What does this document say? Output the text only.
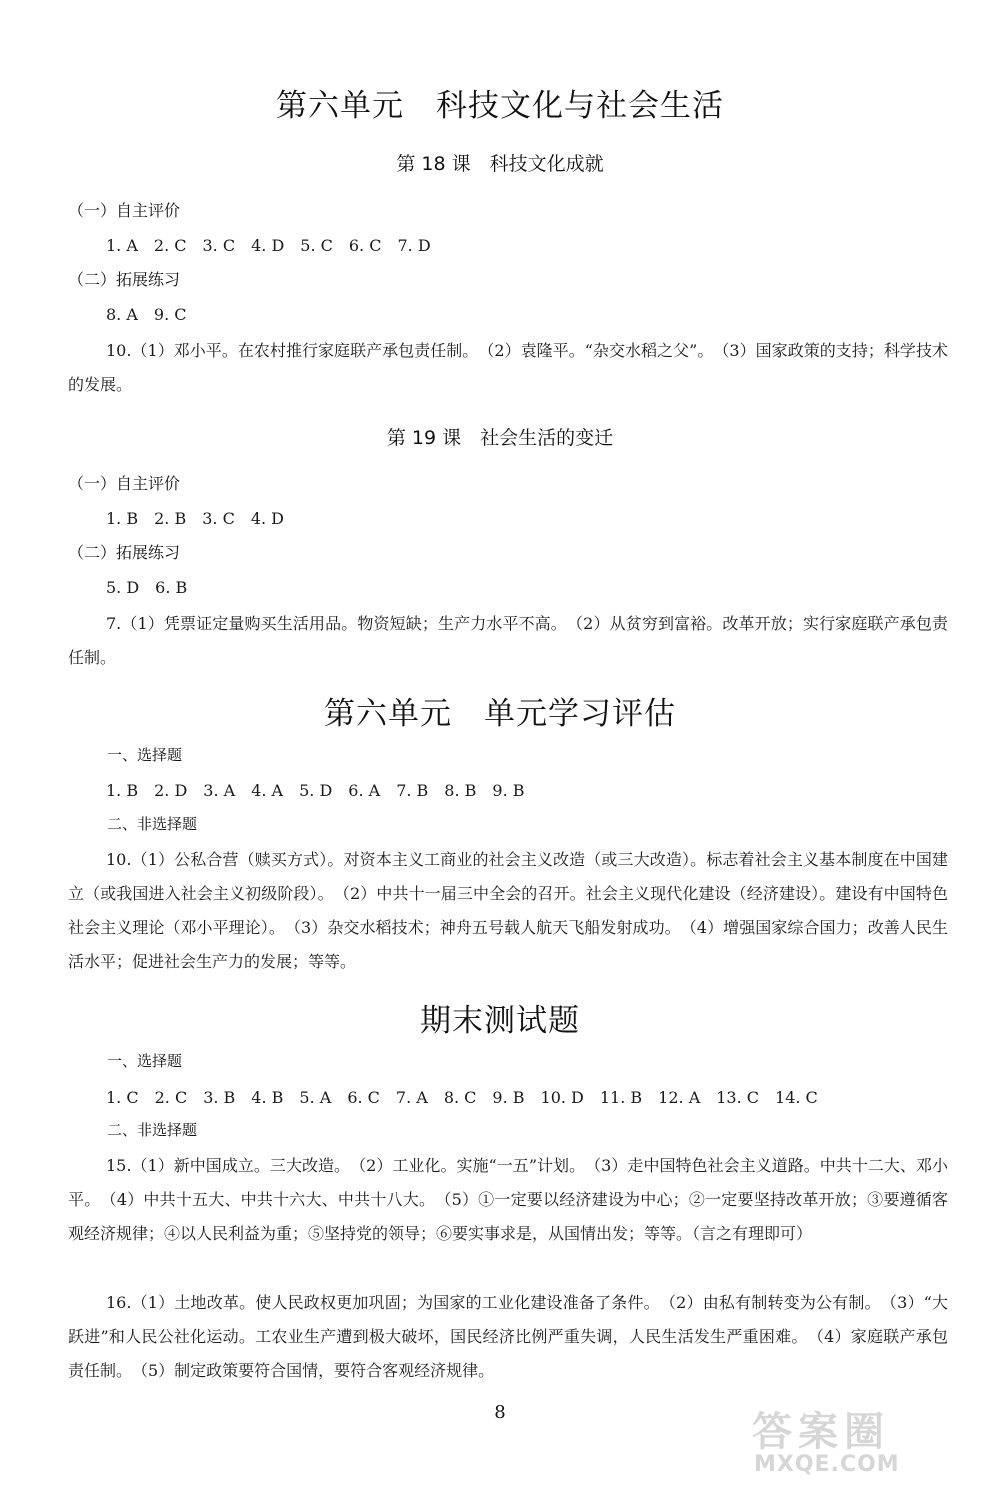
第六单元　科技文化与社会生活
第 18 课　科技文化成就
（一）自主评价
1. A　2. C　3. C　4. D　5. C　6. C　7. D
（二）拓展练习
8. A　9. C
10.（1）邓小平。在农村推行家庭联产承包责任制。　（2）袁隆平。“杂交水稻之父”。　（3）国家政策的支持；科学技术的发展。
第 19 课　社会生活的变迁
（一）自主评价
1. B　2. B　3. C　4. D
（二）拓展练习
5. D　6. B
7.（1）凭票证定量购买生活用品。物资短缺；生产力水平不高。　（2）从贫穷到富裕。改革开放；实行家庭联产承包责任制。
第六单元　单元学习评估
一、选择题
1. B　2. D　3. A　4. A　5. D　6. A　7. B　8. B　9. B
二、非选择题
10.（1）公私合营（赎买方式）。对资本主义工商业的社会主义改造（或三大改造）。标志着社会主义基本制度在中国建立（或我国进入社会主义初级阶段）。　（2）中共十一届三中全会的召开。社会主义现代化建设（经济建设）。建设有中国特色社会主义理论（邓小平理论）。　（3）杂交水稻技术；神舟五号载人航天飞船发射成功。　（4）增强国家综合国力；改善人民生活水平；促进社会生产力的发展；等等。
期末测试题
一、选择题
1. C　2. C　3. B　4. B　5. A　6. C　7. A　8. C　9. B　10. D　11. B　12. A　13. C　14. C
二、非选择题
15.（1）新中国成立。三大改造。　（2）工业化。实施“一五”计划。　（3）走中国特色社会主义道路。中共十二大、邓小平。　（4）中共十五大、中共十六大、中共十八大。　（5）①一定要以经济建设为中心；②一定要坚持改革开放；③要遵循客观经济规律；④以人民利益为重；⑤坚持党的领导；⑥要实事求是，从国情出发；等等。（言之有理即可）
16.（1）土地改革。使人民政权更加巩固；为国家的工业化建设准备了条件。　（2）由私有制转变为公有制。　（3）“大跃进”和人民公社化运动。工农业生产遭到极大破坏，国民经济比例严重失调，人民生活发生严重困难。　（4）家庭联产承包责任制。　（5）制定政策要符合国情，要符合客观经济规律。
8	答案圈
MXQE.COM
